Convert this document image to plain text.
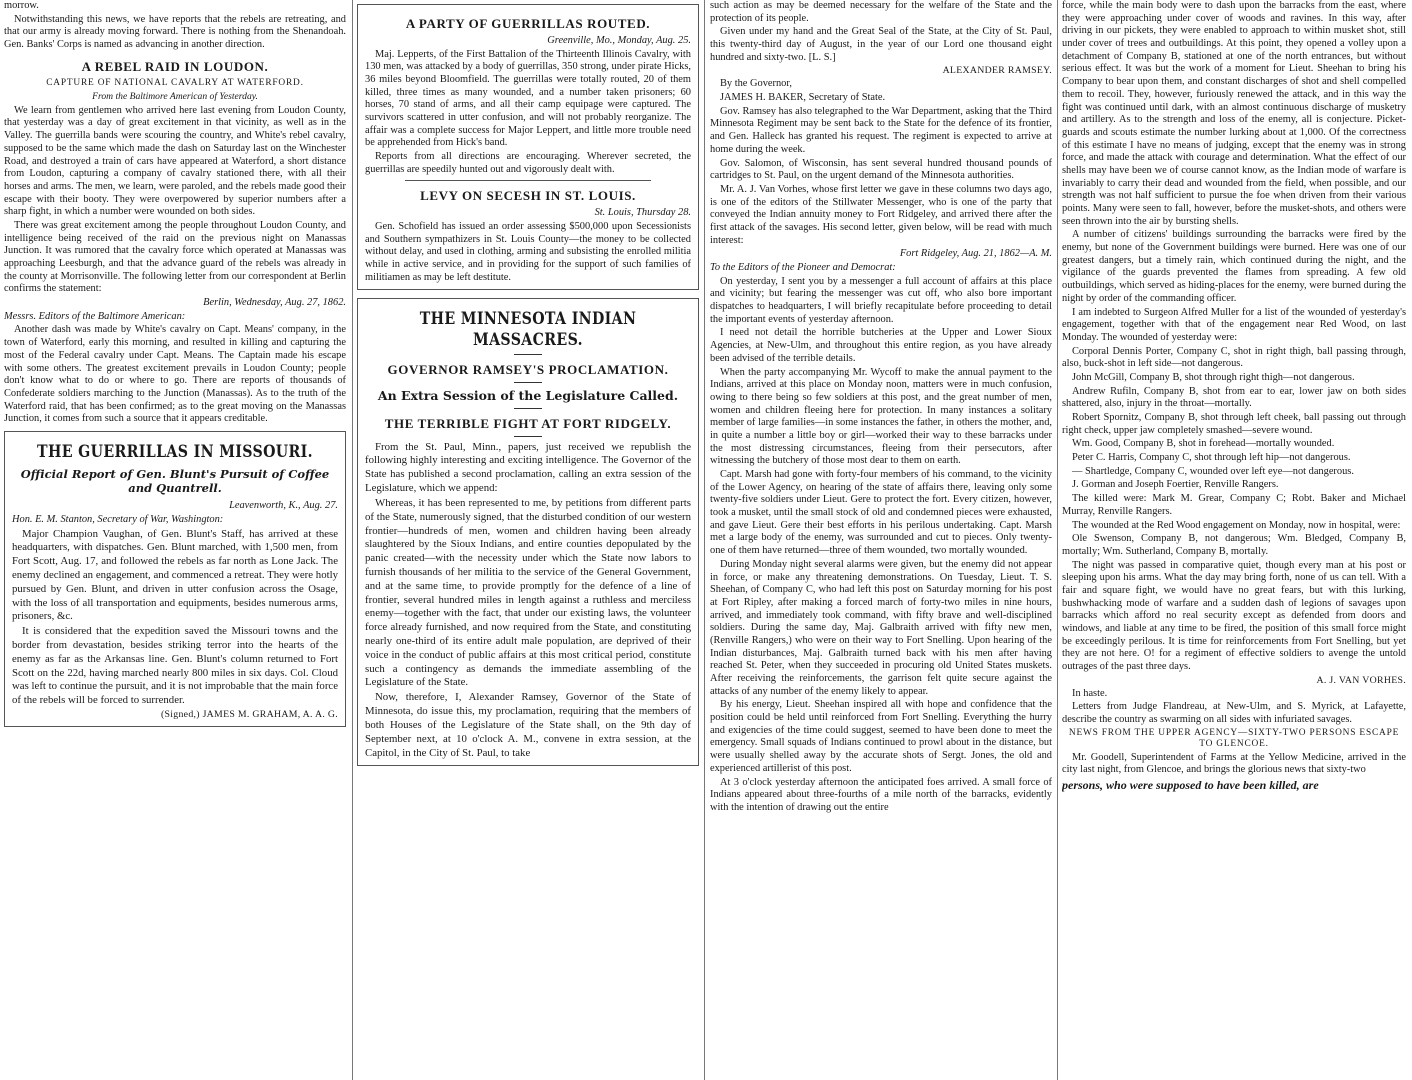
morrow.

Notwithstanding this news, we have reports that the rebels are retreating, and that our army is already moving forward. There is nothing from the Shenandoah. Gen. Banks' Corps is named as advancing in another direction.

A REBEL RAID IN LOUDON.
CAPTURE OF NATIONAL CAVALRY AT WATERFORD.
From the Baltimore American of Yesterday.

We learn from gentlemen who arrived here last evening from Loudon County, that yesterday was a day of great excitement in that vicinity, as well as in the Valley. The guerrilla bands were scouring the country, and White's rebel cavalry, supposed to be the same which made the dash on Saturday last on the Winchester Road, and destroyed a train of cars have appeared at Waterford, a short distance from Loudon, capturing a company of cavalry stationed there, with all their horses and arms. The men, we learn, were paroled, and the rebels made good their escape with their booty. They were overpowered by superior numbers after a sharp fight, in which a number were wounded on both sides.

There was great excitement among the people throughout Loudon County, and intelligence being received of the raid on the previous night on Manassas Junction. It was rumored that the cavalry force which operated at Manassas was approaching Leesburgh, and that the advance guard of the rebels was already in the county at Morrisonville. The following letter from our correspondent at Berlin confirms the statement:

Berlin, Wednesday, Aug. 27, 1862.
Messrs. Editors of the Baltimore American:

Another dash was made by White's cavalry on Capt. Means' company, in the town of Waterford, early this morning, and resulted in killing and capturing the most of the Federal cavalry under Capt. Means. The Captain made his escape with some others. The greatest excitement prevails in Loudon County; people don't know what to do or where to go. There are reports of thousands of Confederate soldiers marching to the Junction (Manassas). As to the truth of the Waterford raid, that has been confirmed; as to the great moving on the Manassas Junction, it comes from such a source that it appears creditable.

THE GUERRILLAS IN MISSOURI.
Official Report of Gen. Blunt's Pursuit of Coffee and Quantrell.
Leavenworth, K., Aug. 27.
Hon. E. M. Stanton, Secretary of War, Washington:

Major Champion Vaughan, of Gen. Blunt's Staff, has arrived at these headquarters, with dispatches. Gen. Blunt marched, with 1,500 men, from Fort Scott, Aug. 17, and followed the rebels as far north as Lone Jack. The enemy declined an engagement, and commenced a retreat. They were hotly pursued by Gen. Blunt, and driven in utter confusion across the Osage, with the loss of all transportation and equipments, besides numerous arms, prisoners, &c.

It is considered that the expedition saved the Missouri towns and the border from devastation, besides striking terror into the hearts of the enemy as far as the Arkansas line. Gen. Blunt's column returned to Fort Scott on the 22d, having marched nearly 800 miles in six days. Col. Cloud was left to continue the pursuit, and it is not improbable that the main force of the rebels will be forced to surrender.

(Signed,) JAMES M. GRAHAM, A. A. G.
A PARTY OF GUERRILLAS ROUTED.
Greenville, Mo., Monday, Aug. 25.

Maj. Lepperts, of the First Battalion of the Thirteenth Illinois Cavalry, with 130 men, was attacked by a body of guerrillas, 350 strong, under pirate Hicks, 36 miles beyond Bloomfield. The guerrillas were totally routed, 20 of them killed, three times as many wounded, and a number taken prisoners; 60 horses, 70 stand of arms, and all their camp equipage were captured. The survivors scattered in utter confusion, and will not probably reorganize. The affair was a complete success for Major Leppert, and little more trouble need be apprehended from Hick's band.

Reports from all directions are encouraging. Wherever secreted, the guerrillas are speedily hunted out and vigorously dealt with.

LEVY ON SECESH IN ST. LOUIS.
St. Louis, Thursday 28.

Gen. Schofield has issued an order assessing $500,000 upon Secessionists and Southern sympathizers in St. Louis County—the money to be collected without delay, and used in clothing, arming and subsisting the enrolled militia while in active service, and in providing for the support of such families of militiamen as may be left destitute.

THE MINNESOTA INDIAN MASSACRES.
GOVERNOR RAMSEY'S PROCLAMATION.
An Extra Session of the Legislature Called.
THE TERRIBLE FIGHT AT FORT RIDGELY.

From the St. Paul, Minn., papers, just received we republish the following highly interesting and exciting intelligence. The Governor of the State has published a second proclamation, calling an extra session of the Legislature, which we append:

Whereas, it has been represented to me, by petitions from different parts of the State, numerously signed, that the disturbed condition of our western frontier—hundreds of men, women and children having been already slaughtered by the Sioux Indians, and entire counties depopulated by the panic created—with the necessity under which the State now labors to furnish thousands of her militia to the service of the General Government, and at the same time, to provide promptly for the defence of a line of frontier, several hundred miles in length against a ruthless and merciless enemy—together with the fact, that under our existing laws, the volunteer force already furnished, and now required from the State, and constituting nearly one-third of its entire adult male population, are deprived of their voice in the conduct of public affairs at this most critical period, constitute such a contingency as demands the immediate assembling of the Legislature of the State.

Now, therefore, I, Alexander Ramsey, Governor of the State of Minnesota, do issue this, my proclamation, requiring that the members of both Houses of the Legislature of the State shall, on the 9th day of September next, at 10 o'clock A. M., convene in extra session, at the Capitol, in the City of St. Paul, to take

such action as may be deemed necessary for the welfare of the State and the protection of its people.

Given under my hand and the Great Seal of the State, at the City of St. Paul, this twenty-third day of August, in the year of our Lord one thousand eight hundred and sixty-two. [L. S.]

ALEXANDER RAMSEY.

By the Governor,

JAMES H. BAKER, Secretary of State.

Gov. Ramsey has also telegraphed to the War Department, asking that the Third Minnesota Regiment may be sent back to the State for the defence of its frontier, and Gen. Halleck has granted his request. The regiment is expected to arrive at home during the week.

Gov. Salomon, of Wisconsin, has sent several hundred thousand pounds of cartridges to St. Paul, on the urgent demand of the Minnesota authorities.

Mr. A. J. Van Vorhes, whose first letter we gave in these columns two days ago, is one of the editors of the Stillwater Messenger, who is one of the party that conveyed the Indian annuity money to Fort Ridgeley, and arrived there after the first attack of the savages. His second letter, given below, will be read with much interest:

Fort Ridgeley, Aug. 21, 1862—A. M.
To the Editors of the Pioneer and Democrat:

On yesterday, I sent you by a messenger a full account of affairs at this place and vicinity; but fearing the messenger was cut off, who also bore important dispatches to headquarters, I will briefly recapitulate before proceeding to detail the important events of yesterday afternoon.

I need not detail the horrible butcheries at the Upper and Lower Sioux Agencies, at New-Ulm, and throughout this entire region, as you have already been advised of the terrible details.

When the party accompanying Mr. Wycoff to make the annual payment to the Indians, arrived at this place on Monday noon, matters were in much confusion, owing to there being so few soldiers at this post, and the great number of men, women and children fleeing here for protection. In many instances a solitary member of large families—in some instances the father, in others the mother, and, in quite a number a little boy or girl—worked their way to these barracks under the most distressing circumstances, fleeing from their persecutors, after witnessing the butchery of those most dear to them on earth.

Capt. Marsh had gone with forty-four members of his command, to the vicinity of the Lower Agency, on hearing of the state of affairs there, leaving only some twenty-five soldiers under Lieut. Gere to protect the fort. Every citizen, however, took a musket, until the small stock of old and condemned pieces were exhausted, and gave Lieut. Gere their best efforts in his perilous undertaking. Capt. Marsh met a large body of the enemy, was surrounded and cut to pieces. Only twenty-one of them have returned—three of them wounded, two mortally wounded.

During Monday night several alarms were given, but the enemy did not appear in force, or make any threatening demonstrations. On Tuesday, Lieut. T. S. Sheehan, of Company C, who had left this post on Saturday morning for his post at Fort Ripley, after making a forced march of forty-two miles in nine hours, arrived, and immediately took command, with fifty brave and well-disciplined soldiers. During the same day, Maj. Galbraith arrived with fifty new men, (Renville Rangers,) who were on their way to Fort Snelling. Upon hearing of the Indian disturbances, Maj. Galbraith turned back with his men after having reached St. Peter, when they succeeded in procuring old United States muskets. After receiving the reinforcements, the garrison felt quite secure against the attacks of any number of the enemy likely to appear.

By his energy, Lieut. Sheehan inspired all with hope and confidence that the position could be held until reinforced from Fort Snelling. Everything the hurry and exigencies of the time could suggest, seemed to have been done to meet the emergency. Small squads of Indians continued to prowl about in the distance, but were usually shelled away by the accurate shots of Sergt. Jones, the old and experienced artillerist of this post.

At 3 o'clock yesterday afternoon the anticipated foes arrived. A small force of Indians appeared about three-fourths of a mile north of the barracks, evidently with the intention of drawing out the entire

force, while the main body were to dash upon the barracks from the east, where they were approaching under cover of woods and ravines. In this way, after driving in our pickets, they were enabled to approach to within musket shot, still under cover of trees and outbuildings. At this point, they opened a volley upon a detachment of Company B, stationed at one of the north entrances, but without serious effect. It was but the work of a moment for Lieut. Sheehan to bring his Company to bear upon them, and constant discharges of shot and shell compelled them to recoil. They, however, furiously renewed the attack, and in this way the fight was continued until dark, with an almost continuous discharge of musketry and artillery. As to the strength and loss of the enemy, all is conjecture. Picket-guards and scouts estimate the number lurking about at 1,000. Of the correctness of this estimate I have no means of judging, except that the enemy was in strong force, and made the attack with courage and determination. What the effect of our shells may have been we of course cannot know, as the Indian mode of warfare is invariably to carry their dead and wounded from the field, when possible, and our strength was not half sufficient to pursue the foe when driven from their various points. Many were seen to fall, however, before the musket-shots, and others were seen thrown into the air by bursting shells.

A number of citizens' buildings surrounding the barracks were fired by the enemy, but none of the Government buildings were burned. Here was one of our greatest dangers, but a timely rain, which continued during the night, and the vigilance of the guards prevented the flames from spreading. A few old outbuildings, which served as hiding-places for the enemy, were burned during the night by order of the commanding officer.

I am indebted to Surgeon Alfred Muller for a list of the wounded of yesterday's engagement, together with that of the engagement near Red Wood, on last Monday. The wounded of yesterday were:

Corporal Dennis Porter, Company C, shot in right thigh, ball passing through, also, buck-shot in left side—not dangerous.

John McGill, Company B, shot through right thigh—not dangerous.

Andrew Rufiln, Company B, shot from ear to ear, lower jaw on both sides shattered, also, injury in the throat—mortally.

Robert Spornitz, Company B, shot through left cheek, ball passing out through right check, upper jaw completely smashed—severe wound.

Wm. Good, Company B, shot in forehead—mortally wounded.

Peter C. Harris, Company C, shot through left hip—not dangerous.

— Shartledge, Company C, wounded over left eye—not dangerous.

J. Gorman and Joseph Foertier, Renville Rangers.

The killed were: Mark M. Grear, Company C; Robt. Baker and Michael Murray, Renville Rangers.

The wounded at the Red Wood engagement on Monday, now in hospital, were:

Ole Swenson, Company B, not dangerous; Wm. Bledged, Company B, mortally; Wm. Sutherland, Company B, mortally.

The night was passed in comparative quiet, though every man at his post or sleeping upon his arms. What the day may bring forth, none of us can tell. With a fair and square fight, we would have no great fears, but with this lurking, bushwhacking mode of warfare and a sudden dash of legions of savages upon barracks which afford no real security except as defended from doors and windows, and liable at any time to be fired, the position of this small force might be exceedingly perilous. It is time for reinforcements from Fort Snelling, but yet they are not here. O! for a regiment of effective soldiers to avenge the untold outrages of the past three days.

A. J. VAN VORHES.

In haste.

Letters from Judge Flandreau, at New-Ulm, and S. Myrick, at Lafayette, describe the country as swarming on all sides with infuriated savages.

NEWS FROM THE UPPER AGENCY—SIXTY-TWO PERSONS ESCAPE TO GLENCOE.

Mr. Goodell, Superintendent of Farms at the Yellow Medicine, arrived in the city last night, from Glencoe, and brings the glorious news that sixty-two

persons, who were supposed to have been killed, are
